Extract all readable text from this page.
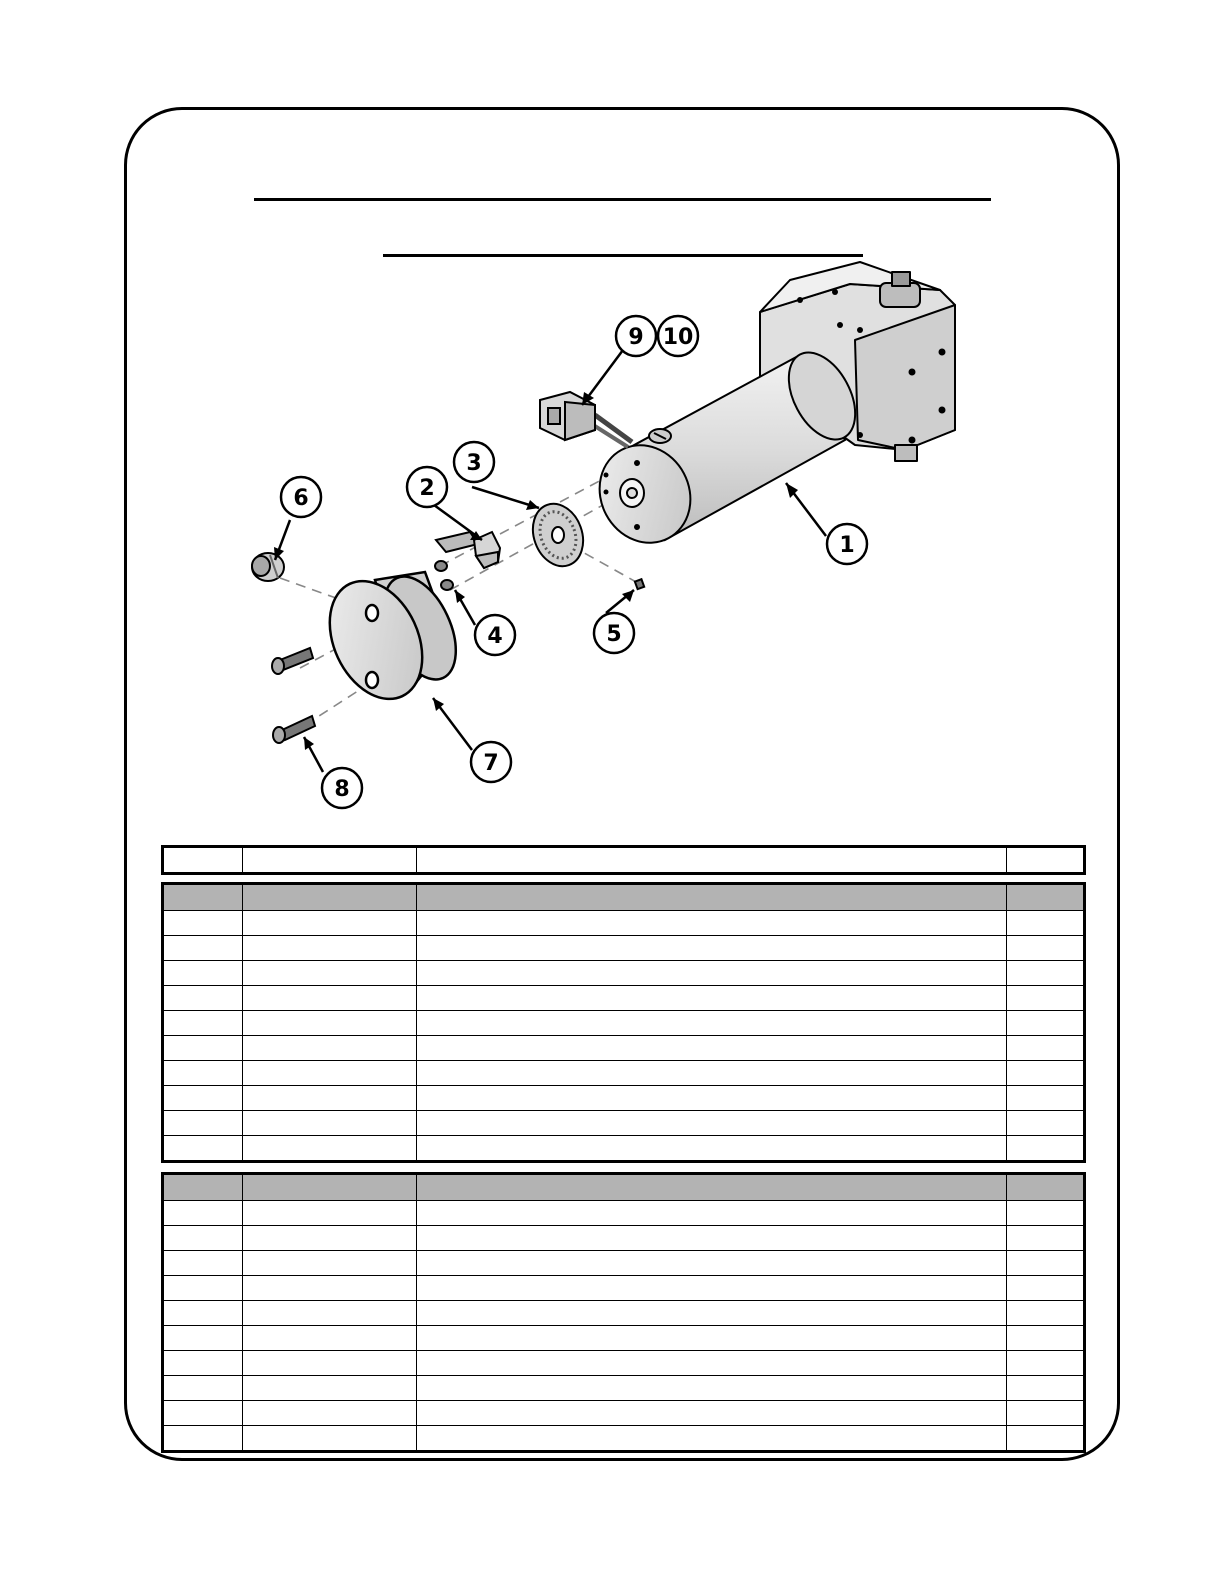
1
2
3
4	5
6
7
8
9 10
